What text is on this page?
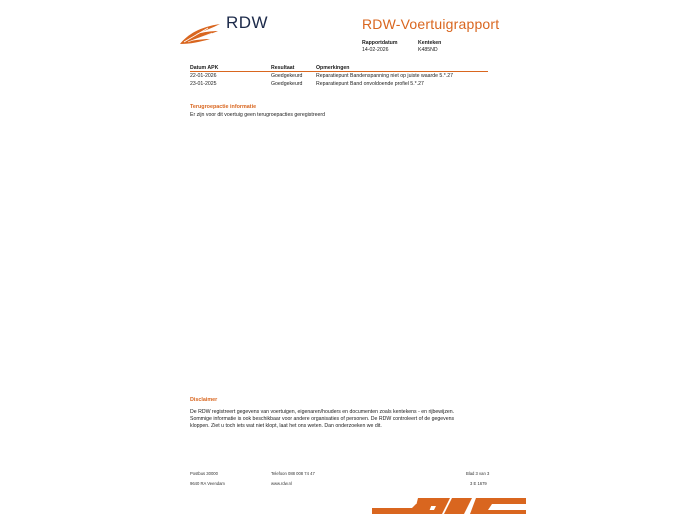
RDW	RDW-Voertuigrapport
Rapportdatum
14-02-2026
Kenteken
K485ND
Datum APK	Resultaat	Opmerkingen
22-01-2026	Goedgekeurd	Reparatiepunt Bandenspanning niet op juiste waarde 5.*.27
23-01-2025	Goedgekeurd	Reparatiepunt Band onvoldoende profiel 5.*.27
Terugroepactie informatie
Er zijn voor dit voertuig geen terugroepacties geregistreerd
Disclaimer
De RDW registreert gegevens van voertuigen, eigenaren/houders en documenten zoals kentekens - en rijbewijzen.
Sommige informatie is ook beschikbaar voor andere organisaties of personen. De RDW controleert of de gegevens
kloppen. Ziet u toch iets wat niet klopt, laat het ons weten. Dan onderzoeken we dit.
Postbus 30000
9640 RA Veendam
Telefoon 088 008 74 47
www.rdw.nl
Blad 3 van 3
3 E 1679
